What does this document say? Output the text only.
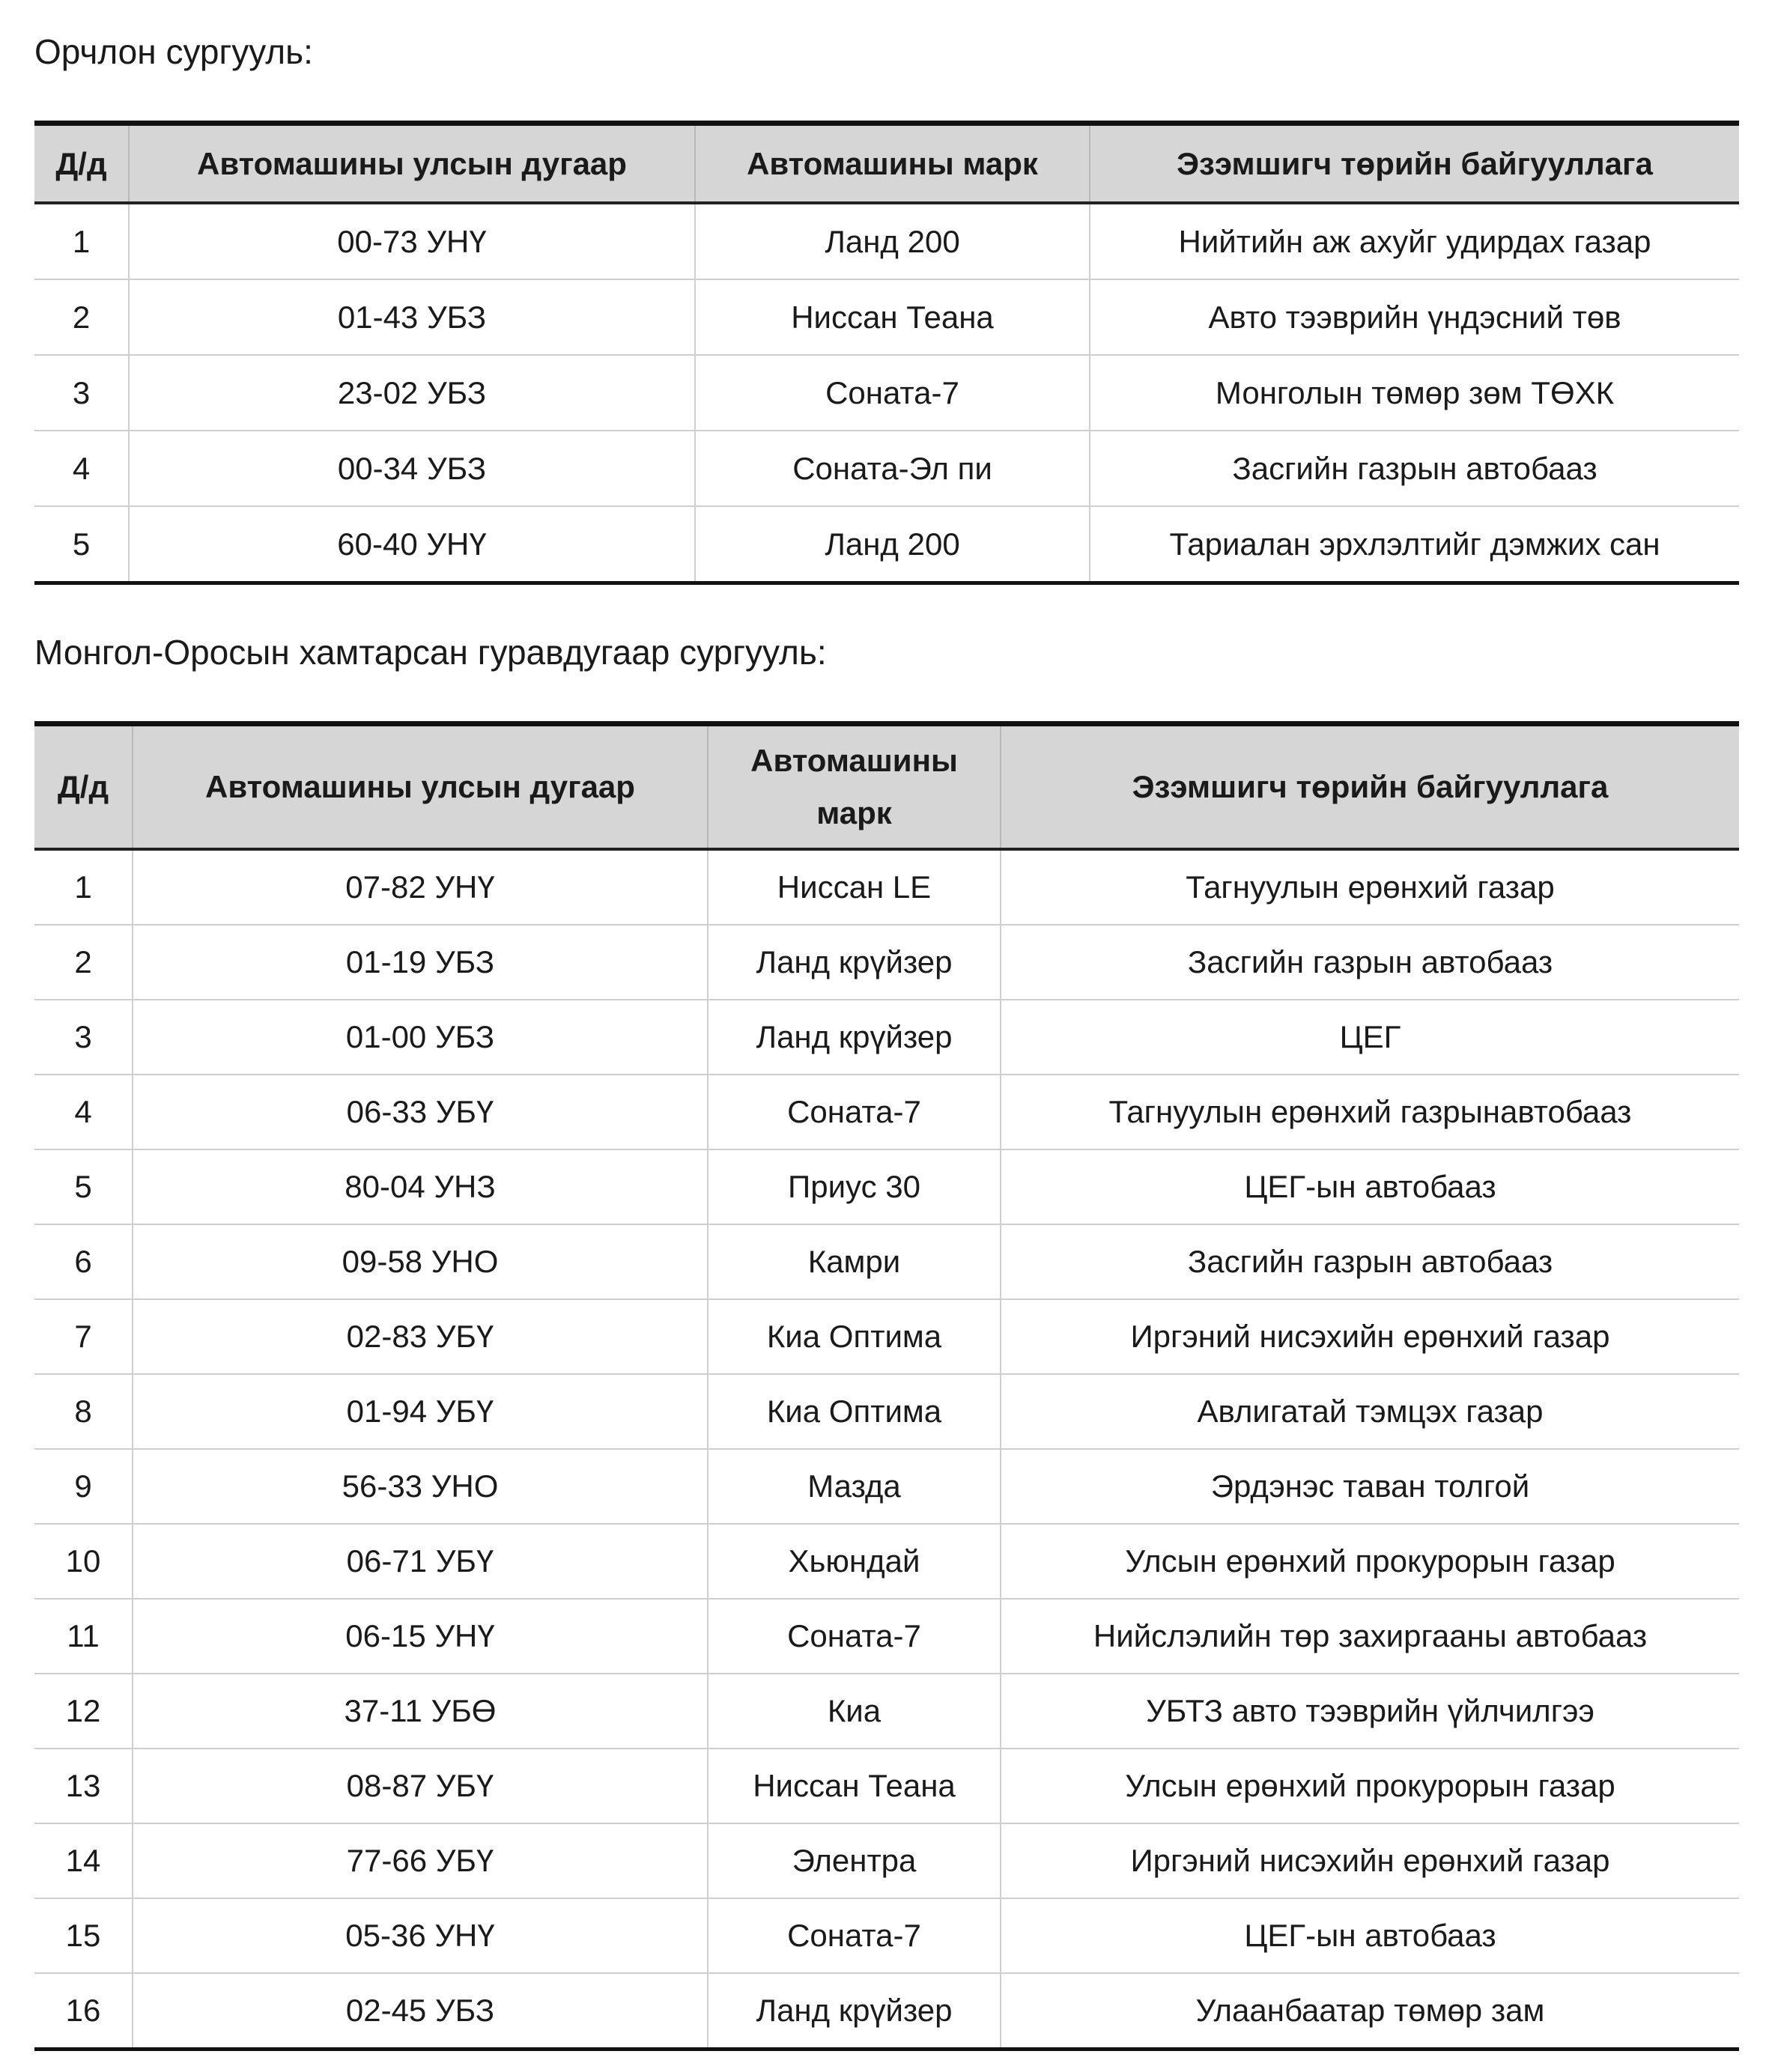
Орчлон сургууль:
Д/д	Автомашины улсын дугаар	Автомашины марк	Эзэмшигч төрийн байгууллага
1	00-73 УНҮ	Ланд 200	Нийтийн аж ахуйг удирдах газар
2	01-43 УБЗ	Ниссан Теана	Авто тээврийн үндэсний төв
3	23-02 УБЗ	Соната-7	Монголын төмөр зөм ТӨХК
4	00-34 УБЗ	Соната-Эл пи	Засгийн газрын автобааз
5	60-40 УНҮ	Ланд 200	Тариалан эрхлэлтийг дэмжих сан
Монгол-Оросын хамтарсан гуравдугаар сургууль:
Д/д	Автомашины улсын дугаар	Автомашины марк	Эзэмшигч төрийн байгууллага
1	07-82 УНҮ	Ниссан LE	Тагнуулын ерөнхий газар
2	01-19 УБЗ	Ланд крүйзер	Засгийн газрын автобааз
3	01-00 УБЗ	Ланд крүйзер	ЦЕГ
4	06-33 УБҮ	Соната-7	Тагнуулын ерөнхий газрынавтобааз
5	80-04 УНЗ	Приус 30	ЦЕГ-ын автобааз
6	09-58 УНО	Камри	Засгийн газрын автобааз
7	02-83 УБҮ	Киа Оптима	Иргэний нисэхийн ерөнхий газар
8	01-94 УБҮ	Киа Оптима	Авлигатай тэмцэх газар
9	56-33 УНО	Мазда	Эрдэнэс таван толгой
10	06-71 УБҮ	Хьюндай	Улсын ерөнхий прокурорын газар
11	06-15 УНҮ	Соната-7	Нийслэлийн төр захиргааны автобааз
12	37-11 УБӨ	Киа	УБТЗ авто тээврийн үйлчилгээ
13	08-87 УБҮ	Ниссан Теана	Улсын ерөнхий прокурорын газар
14	77-66 УБҮ	Элентра	Иргэний нисэхийн ерөнхий газар
15	05-36 УНҮ	Соната-7	ЦЕГ-ын автобааз
16	02-45 УБЗ	Ланд крүйзер	Улаанбаатар төмөр зам
